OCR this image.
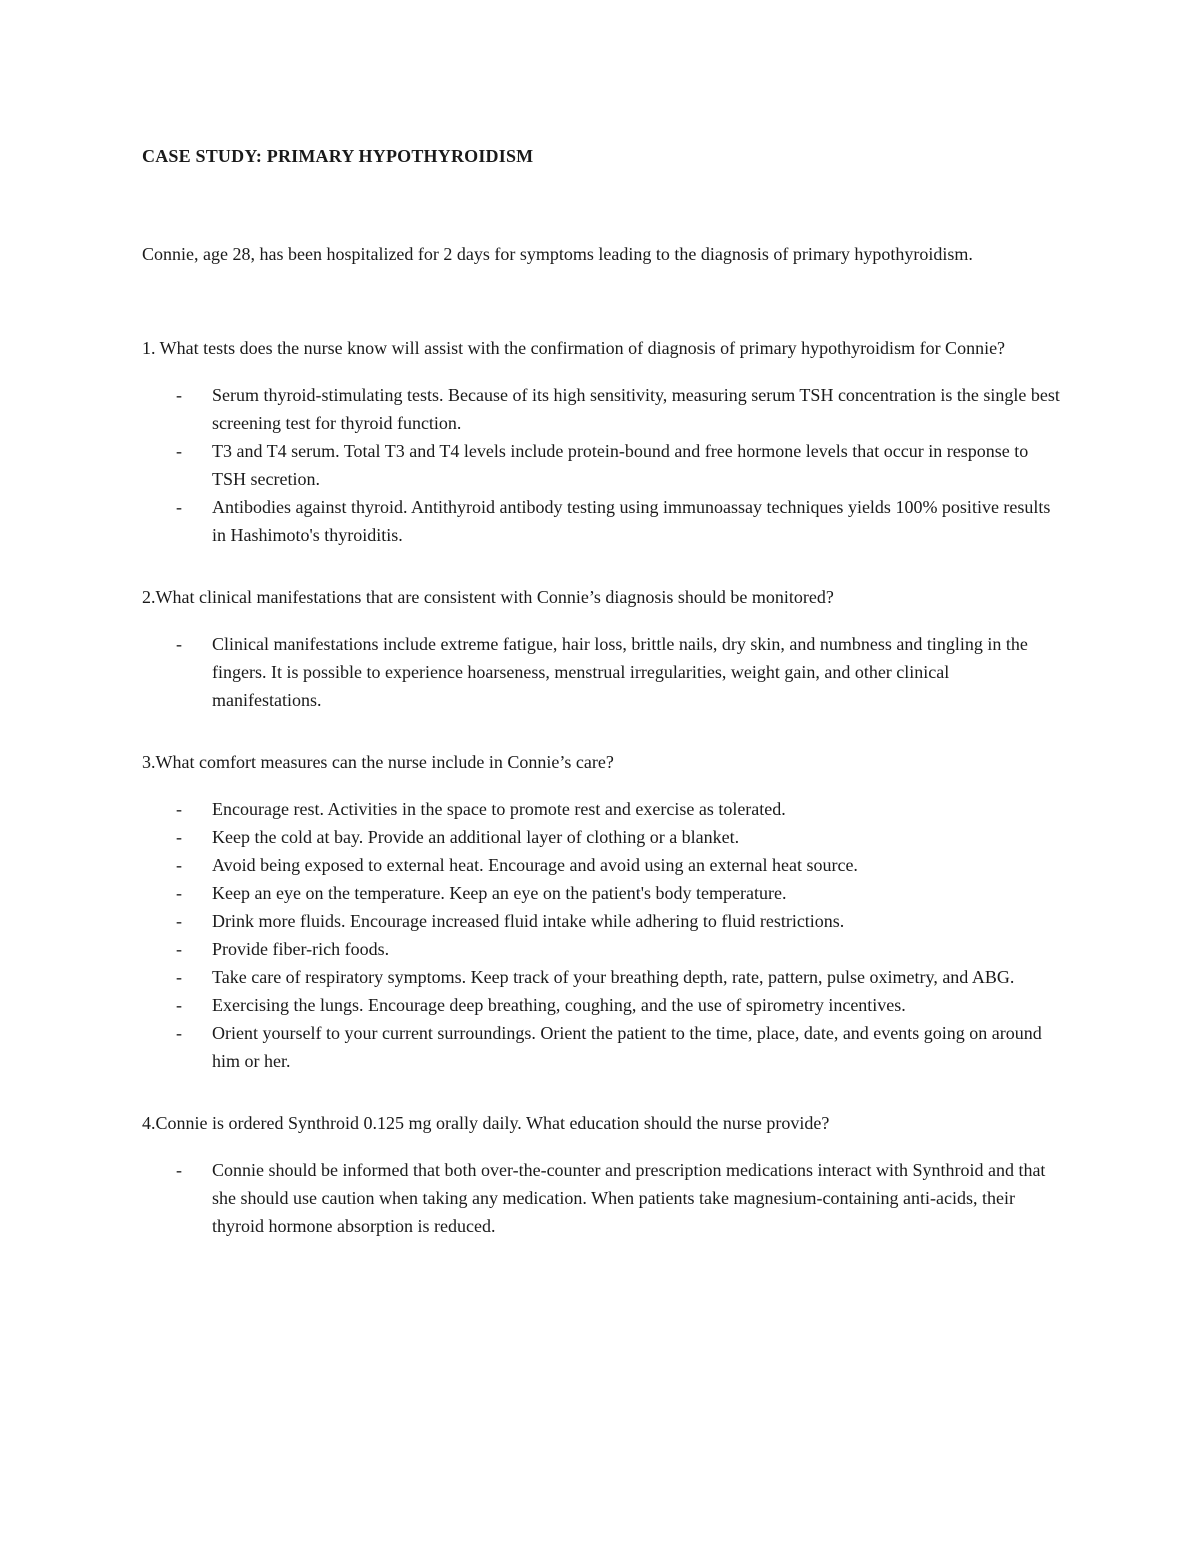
CASE STUDY: PRIMARY HYPOTHYROIDISM

Connie, age 28, has been hospitalized for 2 days for symptoms leading to the diagnosis of primary hypothyroidism.

1. What tests does the nurse know will assist with the confirmation of diagnosis of primary hypothyroidism for Connie?

- Serum thyroid-stimulating tests. Because of its high sensitivity, measuring serum TSH concentration is the single best screening test for thyroid function.
- T3 and T4 serum. Total T3 and T4 levels include protein-bound and free hormone levels that occur in response to TSH secretion.
- Antibodies against thyroid. Antithyroid antibody testing using immunoassay techniques yields 100% positive results in Hashimoto's thyroiditis.

2.What clinical manifestations that are consistent with Connie’s diagnosis should be monitored?

- Clinical manifestations include extreme fatigue, hair loss, brittle nails, dry skin, and numbness and tingling in the fingers. It is possible to experience hoarseness, menstrual irregularities, weight gain, and other clinical manifestations.

3.What comfort measures can the nurse include in Connie’s care?

- Encourage rest. Activities in the space to promote rest and exercise as tolerated.
- Keep the cold at bay. Provide an additional layer of clothing or a blanket.
- Avoid being exposed to external heat. Encourage and avoid using an external heat source.
- Keep an eye on the temperature. Keep an eye on the patient's body temperature.
- Drink more fluids. Encourage increased fluid intake while adhering to fluid restrictions.
- Provide fiber-rich foods.
- Take care of respiratory symptoms. Keep track of your breathing depth, rate, pattern, pulse oximetry, and ABG.
- Exercising the lungs. Encourage deep breathing, coughing, and the use of spirometry incentives.
- Orient yourself to your current surroundings. Orient the patient to the time, place, date, and events going on around him or her.

4.Connie is ordered Synthroid 0.125 mg orally daily. What education should the nurse provide?

- Connie should be informed that both over-the-counter and prescription medications interact with Synthroid and that she should use caution when taking any medication. When patients take magnesium-containing anti-acids, their thyroid hormone absorption is reduced.
